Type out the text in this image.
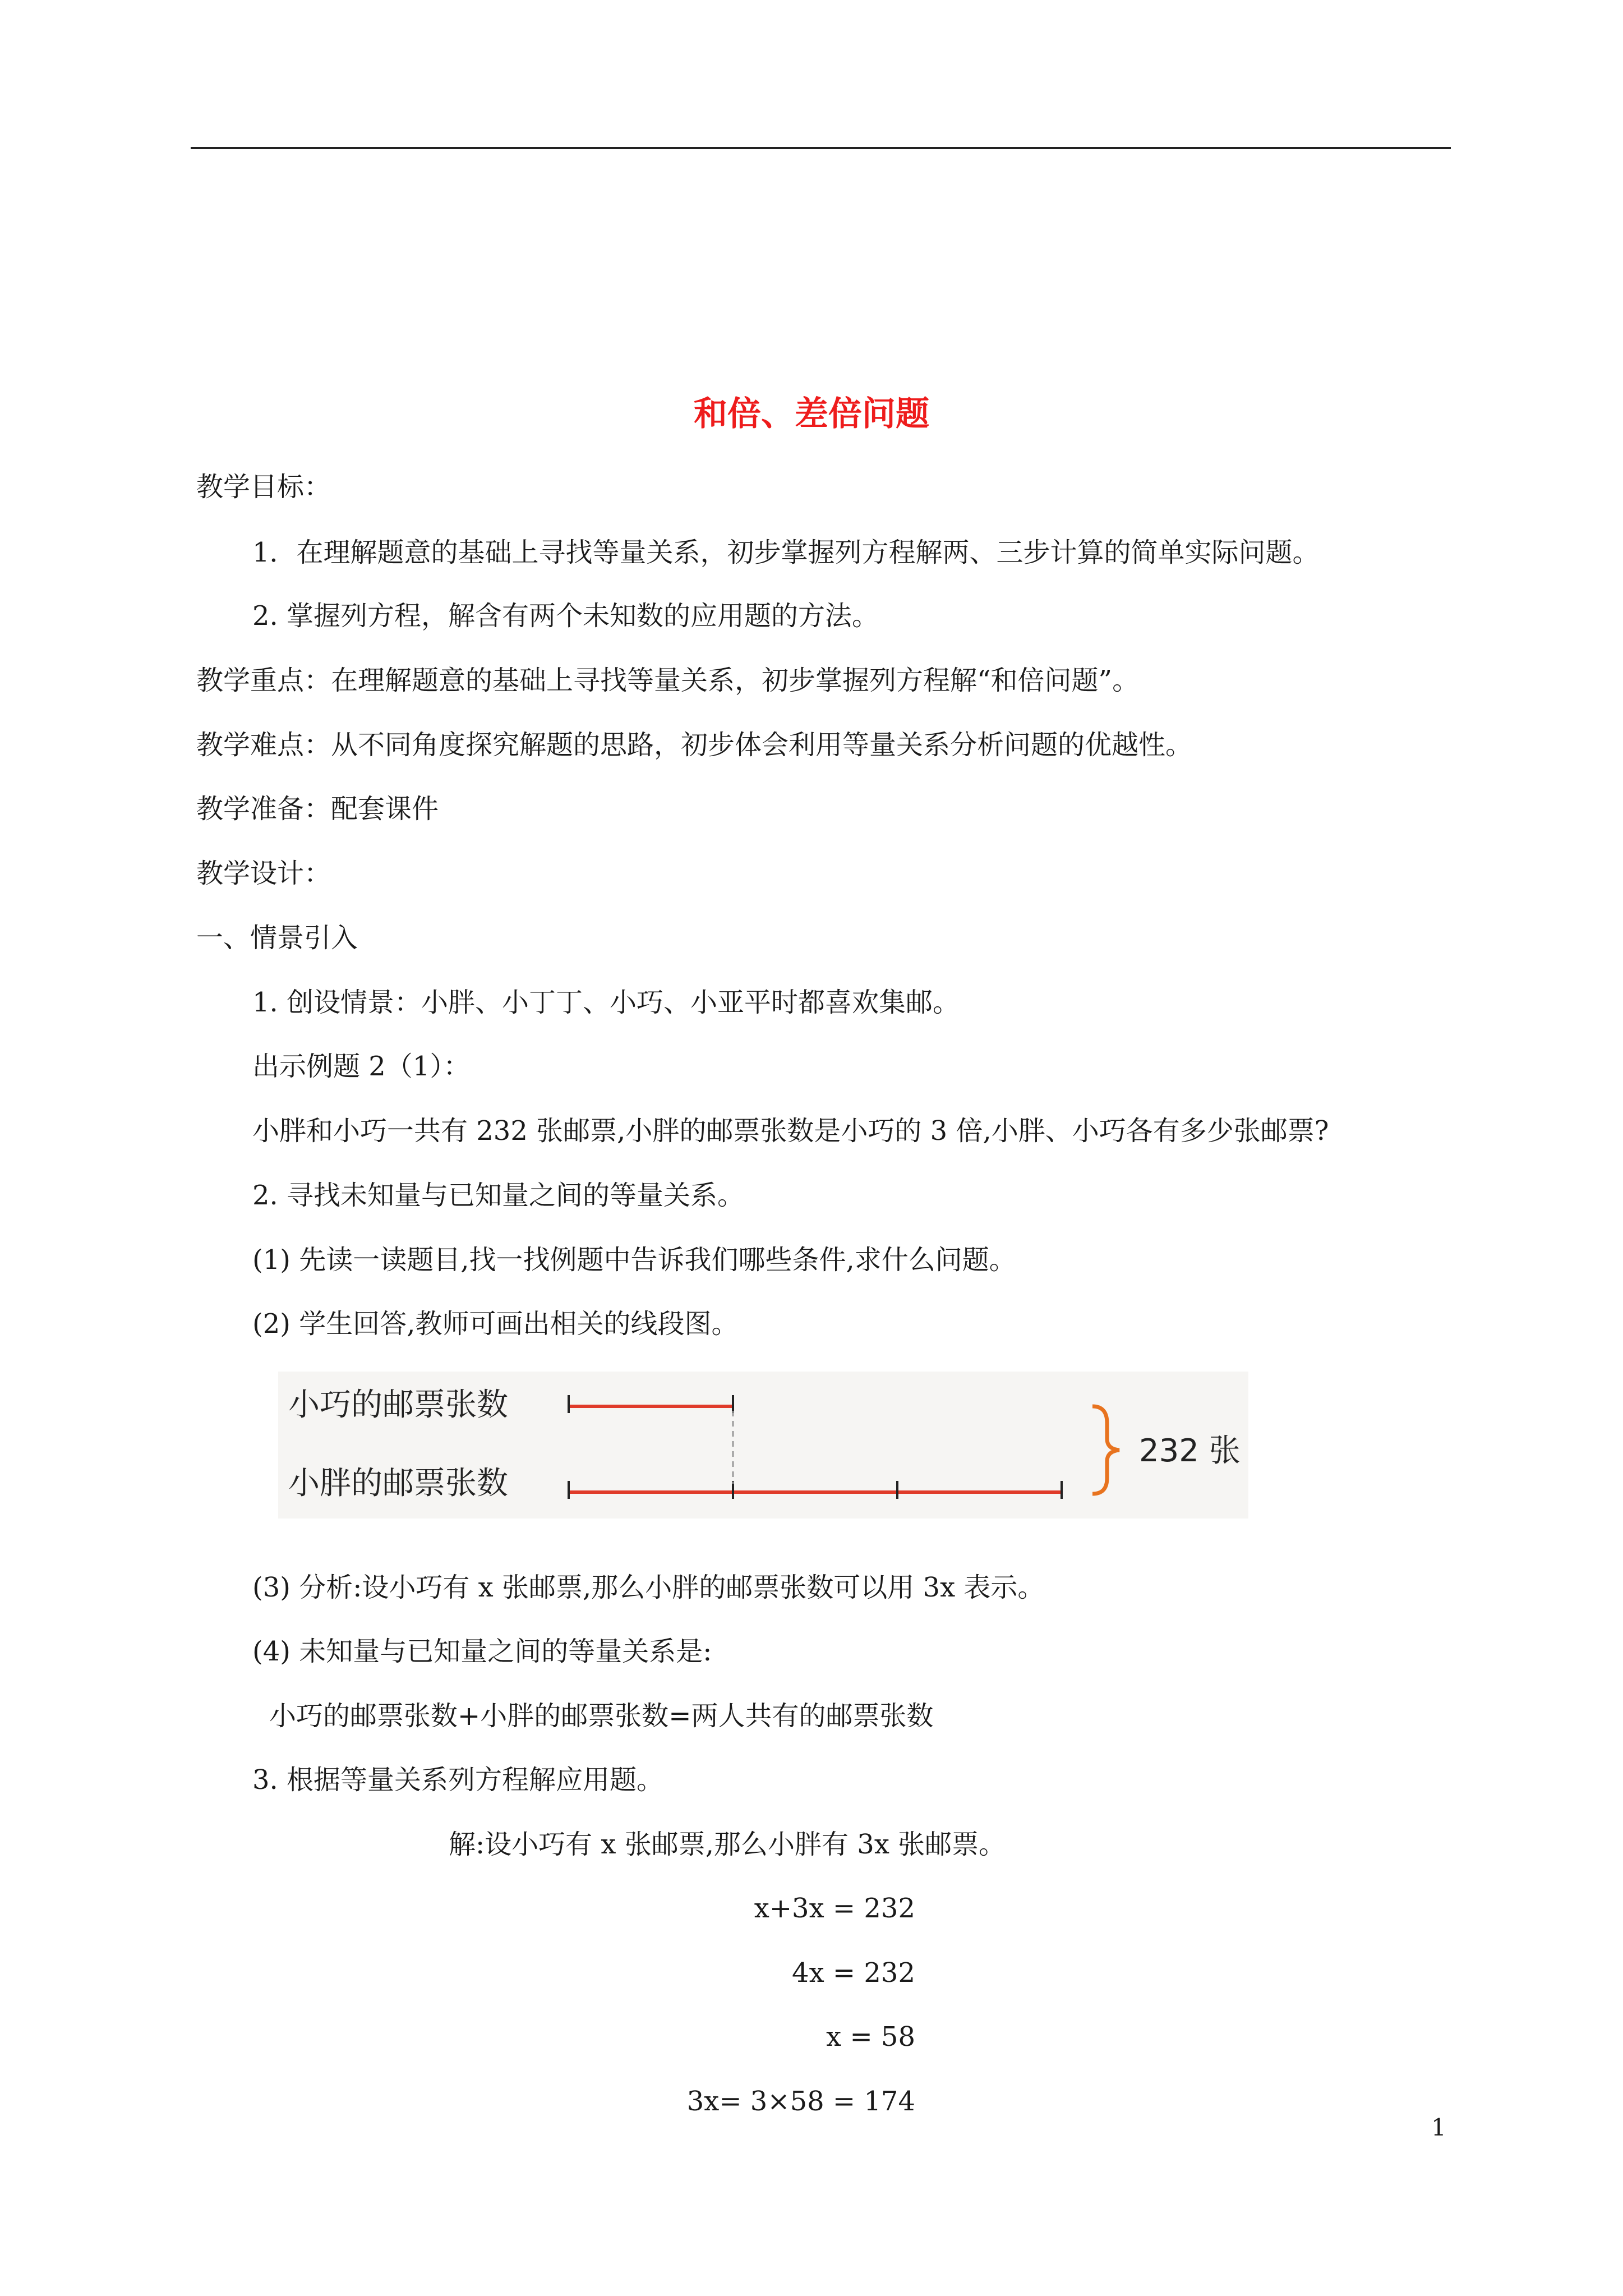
和倍、差倍问题
教学目标：
1．在理解题意的基础上寻找等量关系，初步掌握列方程解两、三步计算的简单实际问题。
2. 掌握列方程，解含有两个未知数的应用题的方法。
教学重点：在理解题意的基础上寻找等量关系，初步掌握列方程解“和倍问题”。
教学难点：从不同角度探究解题的思路，初步体会利用等量关系分析问题的优越性。
教学准备：配套课件
教学设计：
一、情景引入
1. 创设情景：小胖、小丁丁、小巧、小亚平时都喜欢集邮。
出示例题 2（1）：
小胖和小巧一共有 232 张邮票,小胖的邮票张数是小巧的 3 倍,小胖、小巧各有多少张邮票?
2. 寻找未知量与已知量之间的等量关系。
(1) 先读一读题目,找一找例题中告诉我们哪些条件,求什么问题。
(2) 学生回答,教师可画出相关的线段图。
小巧的邮票张数
小胖的邮票张数
232 张
(3) 分析:设小巧有 x 张邮票,那么小胖的邮票张数可以用 3x 表示。
(4) 未知量与已知量之间的等量关系是:
小巧的邮票张数+小胖的邮票张数=两人共有的邮票张数
3. 根据等量关系列方程解应用题。
解:设小巧有 x 张邮票,那么小胖有 3x 张邮票。
x+3x = 232
4x = 232
x = 58
3x= 3×58 = 174
1
